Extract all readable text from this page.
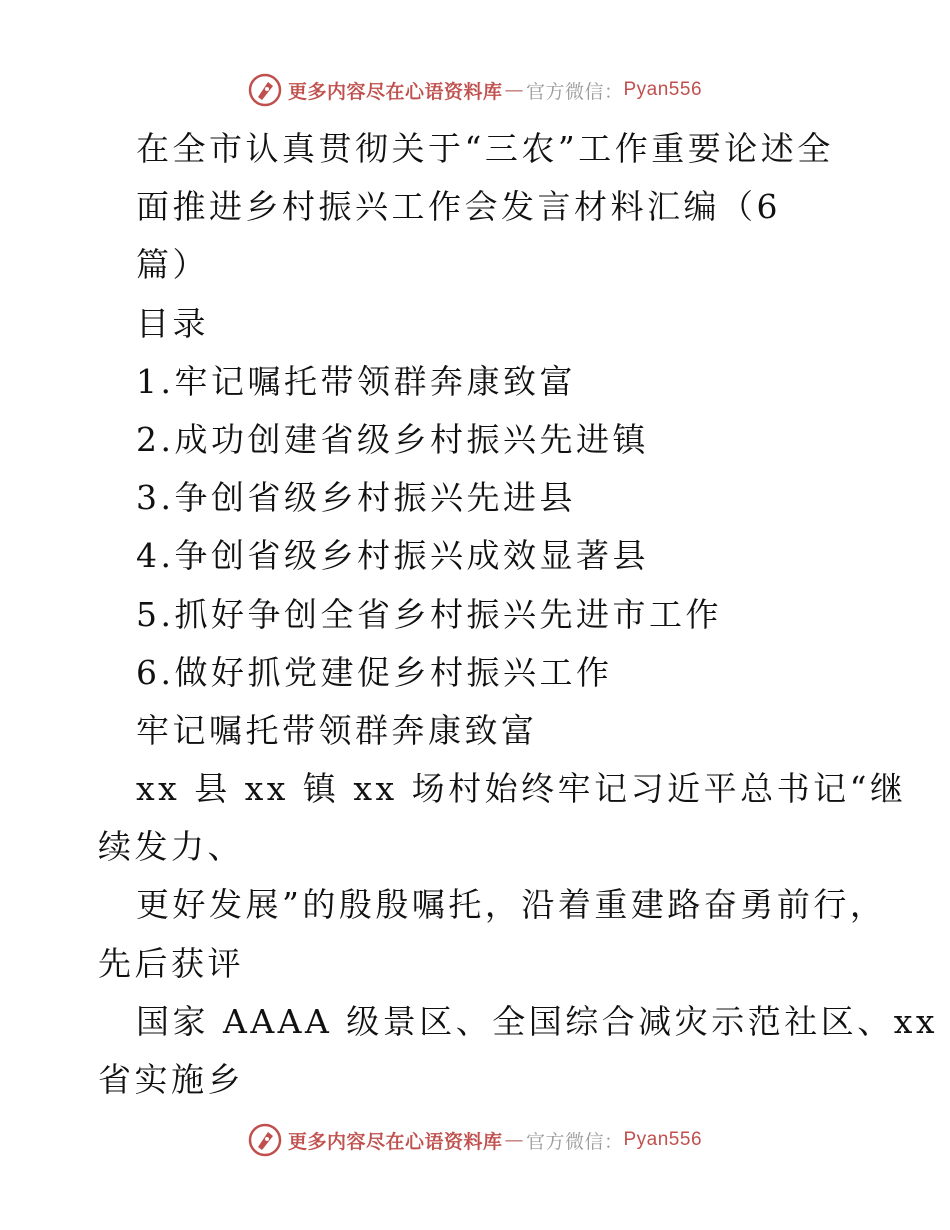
更多内容尽在心语资料库 — 官方微信： Pyan556
在全市认真贯彻关于“三农”工作重要论述全
面推进乡村振兴工作会发言材料汇编（6
篇）
目录
1.牢记嘱托带领群奔康致富
2.成功创建省级乡村振兴先进镇
3.争创省级乡村振兴先进县
4.争创省级乡村振兴成效显著县
5.抓好争创全省乡村振兴先进市工作
6.做好抓党建促乡村振兴工作
牢记嘱托带领群奔康致富
xx 县 xx 镇 xx 场村始终牢记习近平总书记“继
续发力、
更好发展”的殷殷嘱托，沿着重建路奋勇前行，
先后获评
国家 AAAA 级景区、全国综合减灾示范社区、xx
省实施乡
更多内容尽在心语资料库 — 官方微信： Pyan556
